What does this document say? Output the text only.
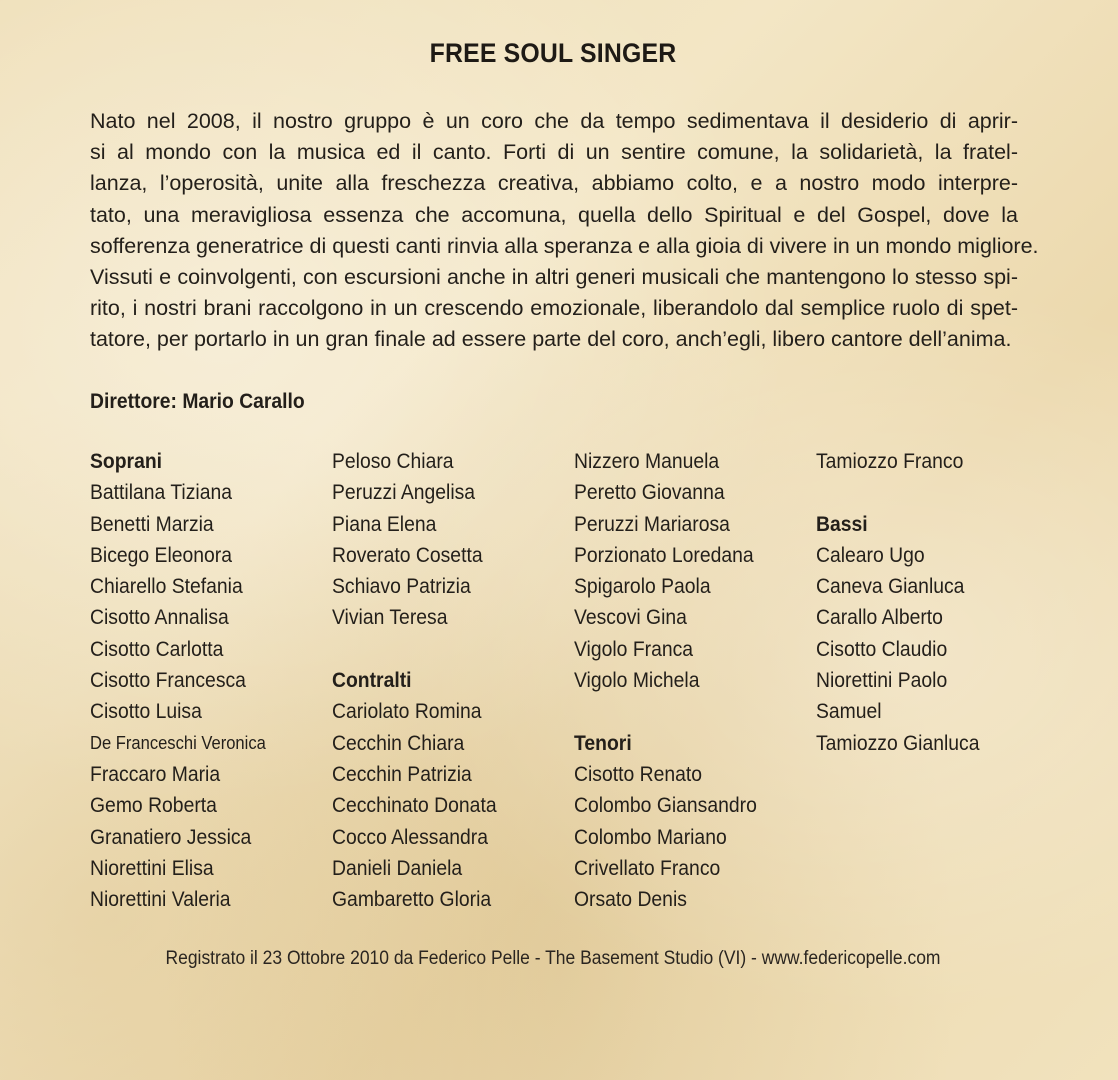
FREE SOUL SINGER
Nato nel 2008, il nostro gruppo è un coro che da tempo sedimentava il desiderio di aprir-
si al mondo con la musica ed il canto. Forti di un sentire comune, la solidarietà, la fratel-
lanza, l’operosità, unite alla freschezza creativa, abbiamo colto, e a nostro modo interpre-
tato, una meravigliosa essenza che accomuna, quella dello Spiritual e del Gospel, dove la
sofferenza generatrice di questi canti rinvia alla speranza e alla gioia di vivere in un mondo migliore.
Vissuti e coinvolgenti, con escursioni anche in altri generi musicali che mantengono lo stesso spi-
rito, i nostri brani raccolgono in un crescendo emozionale, liberandolo dal semplice ruolo di spet-
tatore, per portarlo in un gran finale ad essere parte del coro, anch’egli, libero cantore dell’anima.
Direttore: Mario Carallo
Soprani
Battilana Tiziana
Benetti Marzia
Bicego Eleonora
Chiarello Stefania
Cisotto Annalisa
Cisotto Carlotta
Cisotto Francesca
Cisotto Luisa
De Franceschi Veronica
Fraccaro Maria
Gemo Roberta
Granatiero Jessica
Niorettini Elisa
Niorettini Valeria
Peloso Chiara
Peruzzi Angelisa
Piana Elena
Roverato Cosetta
Schiavo Patrizia
Vivian Teresa
Contralti
Cariolato Romina
Cecchin Chiara
Cecchin Patrizia
Cecchinato Donata
Cocco Alessandra
Danieli Daniela
Gambaretto Gloria
Nizzero Manuela
Peretto Giovanna
Peruzzi Mariarosa
Porzionato Loredana
Spigarolo Paola
Vescovi Gina
Vigolo Franca
Vigolo Michela
Tenori
Cisotto Renato
Colombo Giansandro
Colombo Mariano
Crivellato Franco
Orsato Denis
Tamiozzo Franco
Bassi
Calearo Ugo
Caneva Gianluca
Carallo Alberto
Cisotto Claudio
Niorettini Paolo
Samuel
Tamiozzo Gianluca
Registrato il 23 Ottobre 2010 da Federico Pelle - The Basement Studio (VI) - www.federicopelle.com
